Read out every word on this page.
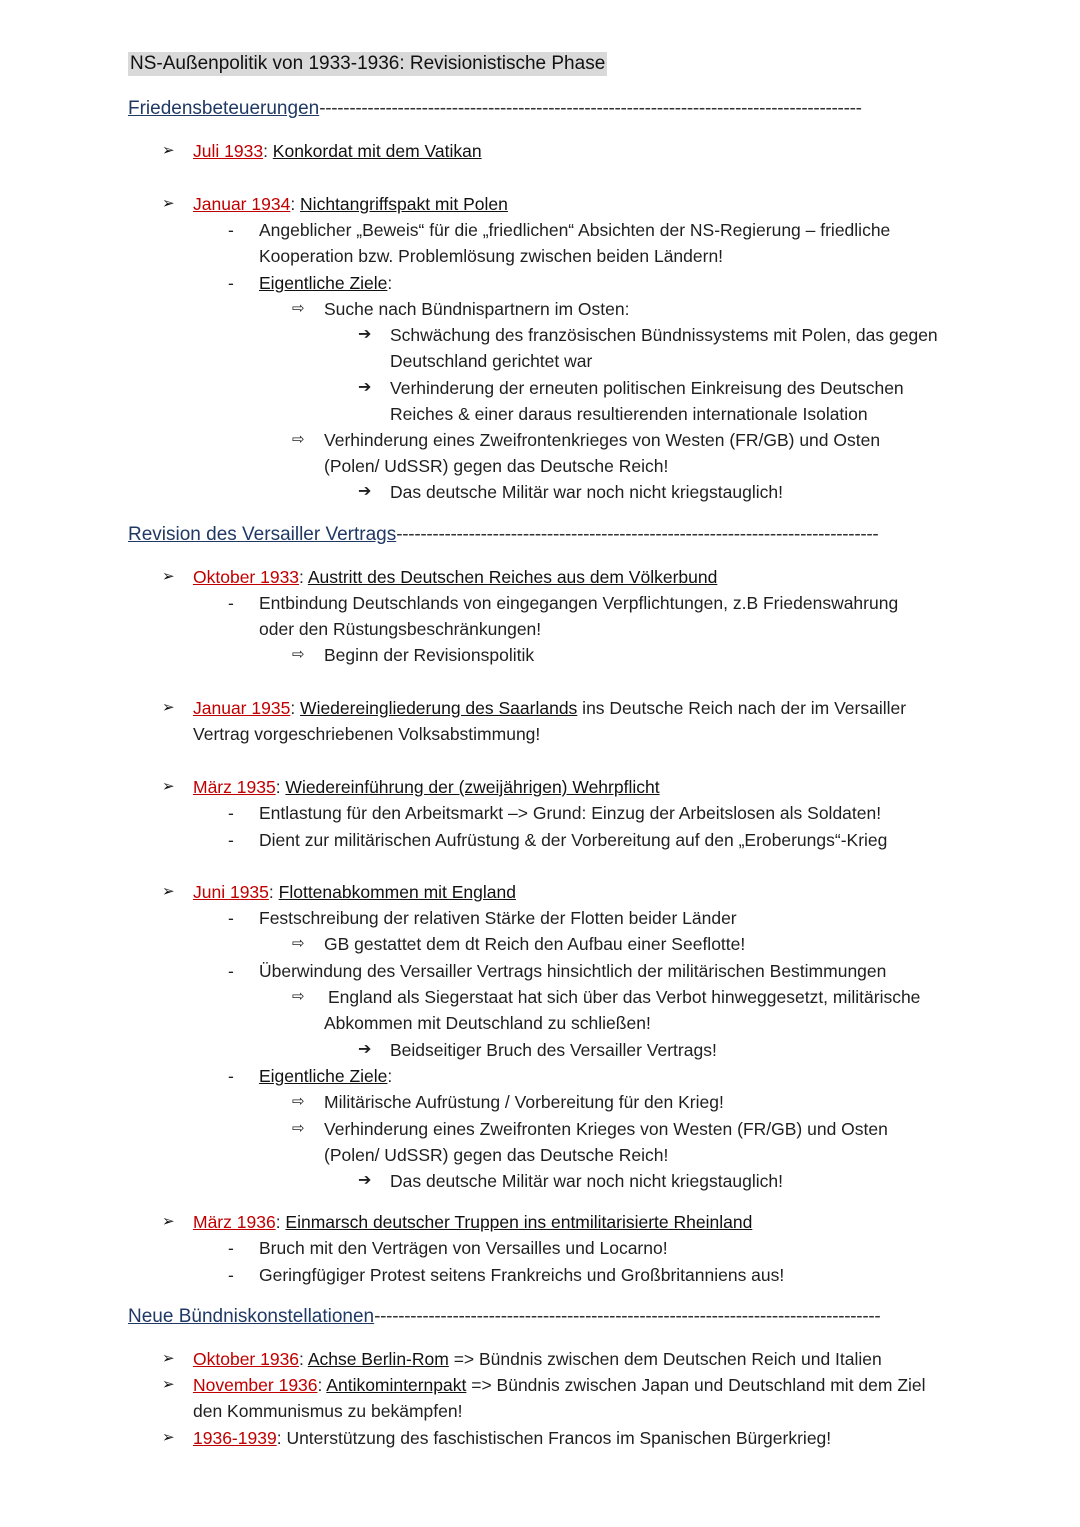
NS-Außenpolitik von 1933-1936: Revisionistische Phase
Friedensbeteuerungen------------------------------------------------------------------------------------------
➢ Juli 1933: Konkordat mit dem Vatikan
➢ Januar 1934: Nichtangriffspakt mit Polen
- Angeblicher „Beweis“ für die „friedlichen“ Absichten der NS-Regierung – friedliche
Kooperation bzw. Problemlösung zwischen beiden Ländern!
- Eigentliche Ziele:
⇨ Suche nach Bündnispartnern im Osten:
➔ Schwächung des französischen Bündnissystems mit Polen, das gegen
Deutschland gerichtet war
➔ Verhinderung der erneuten politischen Einkreisung des Deutschen
Reiches & einer daraus resultierenden internationale Isolation
⇨ Verhinderung eines Zweifrontenkrieges von Westen (FR/GB) und Osten
(Polen/ UdSSR) gegen das Deutsche Reich!
➔ Das deutsche Militär war noch nicht kriegstauglich!
Revision des Versailler Vertrags--------------------------------------------------------------------------------
➢ Oktober 1933: Austritt des Deutschen Reiches aus dem Völkerbund
- Entbindung Deutschlands von eingegangen Verpflichtungen, z.B Friedenswahrung
oder den Rüstungsbeschränkungen!
⇨ Beginn der Revisionspolitik
➢ Januar 1935: Wiedereingliederung des Saarlands ins Deutsche Reich nach der im Versailler
Vertrag vorgeschriebenen Volksabstimmung!
➢ März 1935: Wiedereinführung der (zweijährigen) Wehrpflicht
- Entlastung für den Arbeitsmarkt –> Grund: Einzug der Arbeitslosen als Soldaten!
- Dient zur militärischen Aufrüstung & der Vorbereitung auf den „Eroberungs“-Krieg
➢ Juni 1935: Flottenabkommen mit England
- Festschreibung der relativen Stärke der Flotten beider Länder
⇨ GB gestattet dem dt Reich den Aufbau einer Seeflotte!
- Überwindung des Versailler Vertrags hinsichtlich der militärischen Bestimmungen
⇨ England als Siegerstaat hat sich über das Verbot hinweggesetzt, militärische
Abkommen mit Deutschland zu schließen!
➔ Beidseitiger Bruch des Versailler Vertrags!
- Eigentliche Ziele:
⇨ Militärische Aufrüstung / Vorbereitung für den Krieg!
⇨ Verhinderung eines Zweifronten Krieges von Westen (FR/GB) und Osten
(Polen/ UdSSR) gegen das Deutsche Reich!
➔ Das deutsche Militär war noch nicht kriegstauglich!
➢ März 1936: Einmarsch deutscher Truppen ins entmilitarisierte Rheinland
- Bruch mit den Verträgen von Versailles und Locarno!
- Geringfügiger Protest seitens Frankreichs und Großbritanniens aus!
Neue Bündniskonstellationen------------------------------------------------------------------------------------
➢ Oktober 1936: Achse Berlin-Rom => Bündnis zwischen dem Deutschen Reich und Italien
➢ November 1936: Antikominternpakt => Bündnis zwischen Japan und Deutschland mit dem Ziel
den Kommunismus zu bekämpfen!
➢ 1936-1939: Unterstützung des faschistischen Francos im Spanischen Bürgerkrieg!
